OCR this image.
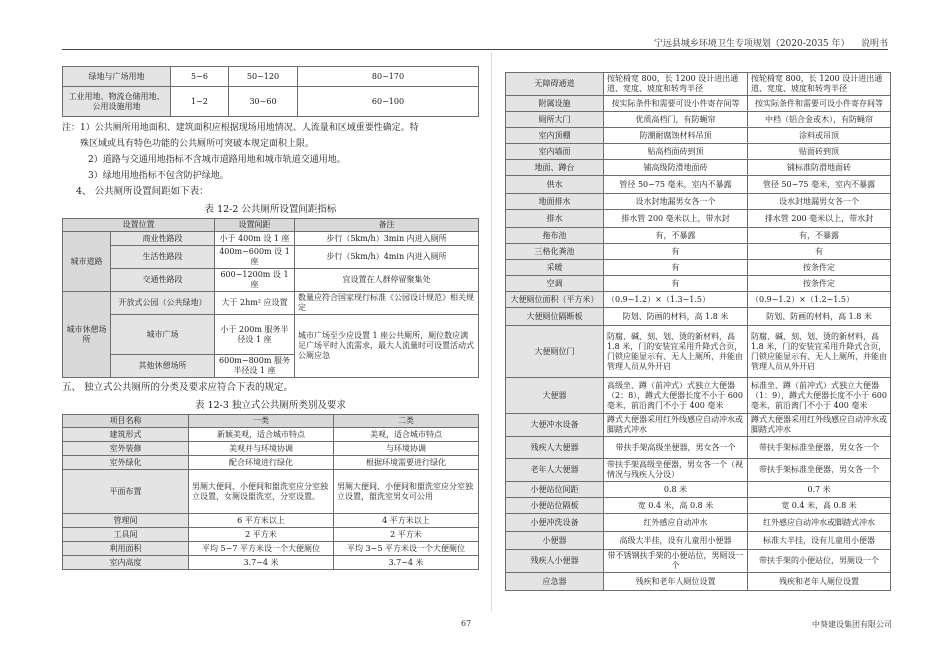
宁远县城乡环境卫生专项规划（2020-2035 年） 说明书
绿地与广场用地	5~6	50~120	80~170
工业用地、物流仓储用地、公用设施用地	1~2	30~60	60~100

注：1）公共厕所用地面积、建筑面积应根据现场用地情况、人流量和区域重要性确定。特

殊区域或具有特色功能的公共厕所可突破本规定面积上限。

2）道路与交通用地指标不含城市道路用地和城市轨道交通用地。

3）绿地用地指标不包含防护绿地。

4、 公共厕所设置间距如下表：

表 12-2 公共厕所设置间距指标
设置位置		设置间距	备注
城市道路	商业性路段	小于 400m 设 1 座	步行（5km/h）3min 内进入厕所
	生活性路段	400m~600m 设 1 座	步行（5km/h）4min 内进入厕所
	交通性路段	600~1200m 设 1 座	宜设置在人群停留聚集处
城市休憩场所	开放式公园（公共绿地）	大于 2hm² 应设置	数量应符合国家现行标准《公园设计规范》相关规定
	城市广场	小于 200m 服务半径设 1 座	城市广场至少应设置 1 座公共厕所，厕位数应满足广场平时人流需求，最大人流量时可设置活动式公厕应急
	其他休憩场所	600m~800m 服务半径设 1 座	

五、 独立式公共厕所的分类及要求应符合下表的规定。

表 12-3 独立式公共厕所类别及要求
项目名称	一类	二类
建筑形式	新颖美观，适合城市特点	美观，适合城市特点
室外装修	美观并与环境协调	与环境协调
室外绿化	配合环境进行绿化	根据环境需要进行绿化
平面布置	男厕大便间、小便间和盥洗室应分室独立设置，女厕设盥洗室，分室设置。	男厕大便间、小便间和盥洗室应分室独立设置，盥洗室男女可公用
管理间	6 平方米以上	4 平方米以上
工具间	2 平方米	2 平方米
利用面积	平均 5~7 平方米设一个大便厕位	平均 3~5 平方米设一个大便厕位
室内高度	3.7~4 米	3.7~4 米
无障碍通道	按轮椅宽 800，长 1200 设计进出通道、宽度、坡度和转弯半径	按轮椅宽 800，长 1200 设计进出通道、宽度、坡度和转弯半径
附属设施	按实际条件和需要可设小件寄存间等	按实际条件和需要可设小件寄存间等
厕所大门	优质高档门，有防蝇帘	中档（铝合金或木），有防蝇帘
室内顶棚	防潮耐腐蚀材料吊顶	涂料或吊顶
室内墙面	贴高档面砖到顶	贴面砖到顶
地面、蹲台	铺高级防滑地面砖	铺标准防滑地面砖
供水	管径 50~75 毫米，室内不暴露	管径 50~75 毫米，室内不暴露
地面排水	设水封地漏男女各一个	设水封地漏男女各一个
排水	排水管 200 毫米以上，带水封	排水管 200 毫米以上，带水封
拖布池	有，不暴露	有，不暴露
三格化粪池	有	有
采暖	有	按条件定
空调	有	按条件定
大便厕位面积（平方米）	（0.9~1.2）×（1.3~1.5）	（0.9~1.2）×（1.2~1.5）
大便厕位隔断板	防划、防画的材料，高 1.8 米	防划、防画的材料，高 1.8 米
大便厕位门	防腐、碱、刻、划、烫的新材料，高 1.8 米，门的安装宜采用升降式合页，门锁应能显示有、无人上厕所，并能由管理人员从外开启	防腐、碱、刻、划、烫的新材料，高 1.8 米，门的安装宜采用升降式合页，门锁应能显示有、无人上厕所，并能由管理人员从外开启
大便器	高级坐、蹲（前冲式）式独立大便器（2：8），蹲式大便器长度不小于 600 毫米，前沿离门不小于 400 毫米	标准坐、蹲（前冲式）式独立大便器（1：9），蹲式大便器长度不小于 600 毫米，前沿离门不小于 400 毫米
大便冲水设备	蹲式大便器采用红外线感应自动冲水或脚踏式冲水	蹲式大便器采用红外线感应自动冲水或脚踏式冲水
残疾人大便器	带扶手架高级坐便器，男女各一个	带扶手架标准坐便器，男女各一个
老年人大便器	带扶手架高级坐便器，男女各一个（视情况与残疾人分设）	带扶手架标准坐便器，男女各一个
小便站位间距	0.8 米	0.7 米
小便站位隔板	宽 0.4 米，高 0.8 米	宽 0.4 米，高 0.8 米
小便冲洗设备	红外感应自动冲水	红外感应自动冲水或脚踏式冲水
小便器	高级大半挂，设有儿童用小便器	标准大半挂，设有儿童用小便器
残疾人小便器	带不锈钢扶手架的小便站位，男厕设一个	带扶手架的小便站位，男厕设一个
应急器	残疾和老年人厕位设置	残疾和老年人厕位设置
67	中葵建设集团有限公司
